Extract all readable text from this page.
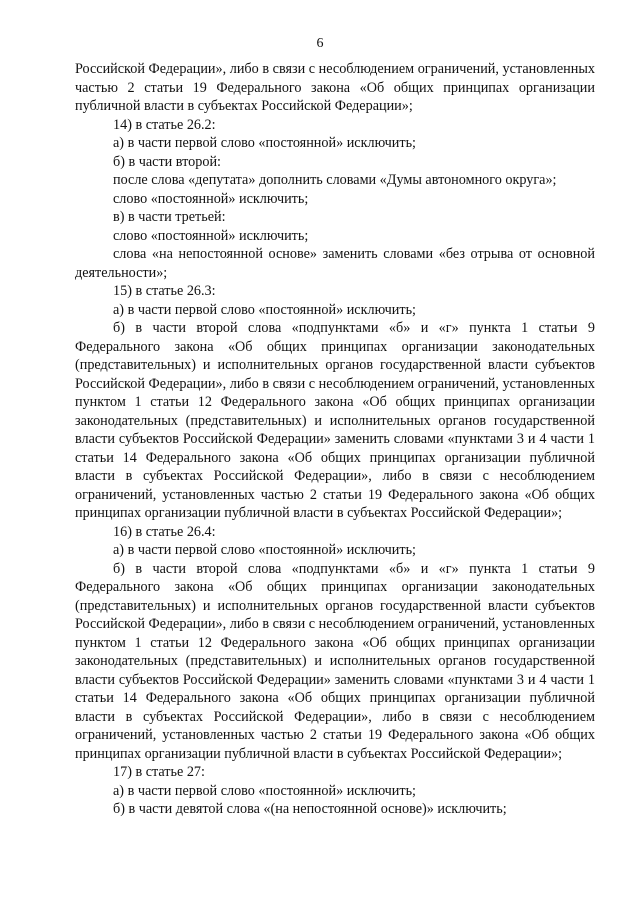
6

Российской Федерации», либо в связи с несоблюдением ограничений, установленных частью 2 статьи 19 Федерального закона «Об общих принципах организации публичной власти в субъектах Российской Федерации»;

14) в статье 26.2:

а) в части первой слово «постоянной» исключить;

б) в части второй:

после слова «депутата» дополнить словами «Думы автономного округа»;

слово «постоянной» исключить;

в) в части третьей:

слово «постоянной» исключить;

слова «на непостоянной основе» заменить словами «без отрыва от основной деятельности»;

15) в статье 26.3:

а) в части первой слово «постоянной» исключить;

б) в части второй слова «подпунктами «б» и «г» пункта 1 статьи 9 Федерального закона «Об общих принципах организации законодательных (представительных) и исполнительных органов государственной власти субъектов Российской Федерации», либо в связи с несоблюдением ограничений, установленных пунктом 1 статьи 12 Федерального закона «Об общих принципах организации законодательных (представительных) и исполнительных органов государственной власти субъектов Российской Федерации» заменить словами «пунктами 3 и 4 части 1 статьи 14 Федерального закона «Об общих принципах организации публичной власти в субъектах Российской Федерации», либо в связи с несоблюдением ограничений, установленных частью 2 статьи 19 Федерального закона «Об общих принципах организации публичной власти в субъектах Российской Федерации»;

16) в статье 26.4:

а) в части первой слово «постоянной» исключить;

б) в части второй слова «подпунктами «б» и «г» пункта 1 статьи 9 Федерального закона «Об общих принципах организации законодательных (представительных) и исполнительных органов государственной власти субъектов Российской Федерации», либо в связи с несоблюдением ограничений, установленных пунктом 1 статьи 12 Федерального закона «Об общих принципах организации законодательных (представительных) и исполнительных органов государственной власти субъектов Российской Федерации» заменить словами «пунктами 3 и 4 части 1 статьи 14 Федерального закона «Об общих принципах организации публичной власти в субъектах Российской Федерации», либо в связи с несоблюдением ограничений, установленных частью 2 статьи 19 Федерального закона «Об общих принципах организации публичной власти в субъектах Российской Федерации»;

17) в статье 27:

а) в части первой слово «постоянной» исключить;

б) в части девятой слова «(на непостоянной основе)» исключить;
